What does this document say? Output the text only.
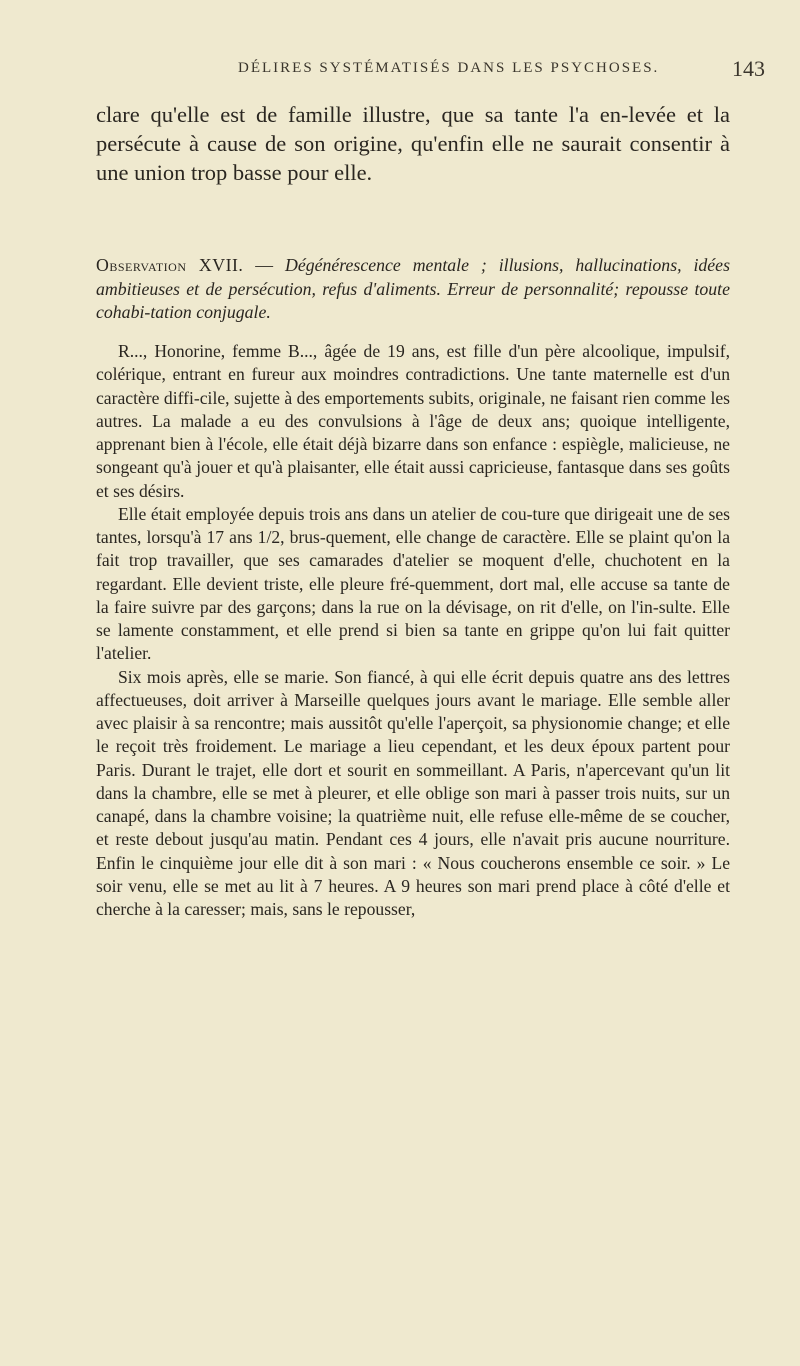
DÉLIRES SYSTÉMATISÉS DANS LES PSYCHOSES.	143

clare qu'elle est de famille illustre, que sa tante l'a en-levée et la persécute à cause de son origine, qu'enfin elle ne saurait consentir à une union trop basse pour elle.

Observation XVII. — Dégénérescence mentale ; illusions, hallucinations, idées ambitieuses et de persécution, refus d'aliments. Erreur de personnalité; repousse toute cohabi-tation conjugale.

R..., Honorine, femme B..., âgée de 19 ans, est fille d'un père alcoolique, impulsif, colérique, entrant en fureur aux moindres contradictions. Une tante maternelle est d'un caractère diffi-cile, sujette à des emportements subits, originale, ne faisant rien comme les autres. La malade a eu des convulsions à l'âge de deux ans; quoique intelligente, apprenant bien à l'école, elle était déjà bizarre dans son enfance : espiègle, malicieuse, ne songeant qu'à jouer et qu'à plaisanter, elle était aussi capricieuse, fantasque dans ses goûts et ses désirs.

Elle était employée depuis trois ans dans un atelier de cou-ture que dirigeait une de ses tantes, lorsqu'à 17 ans 1/2, brus-quement, elle change de caractère. Elle se plaint qu'on la fait trop travailler, que ses camarades d'atelier se moquent d'elle, chuchotent en la regardant. Elle devient triste, elle pleure fré-quemment, dort mal, elle accuse sa tante de la faire suivre par des garçons; dans la rue on la dévisage, on rit d'elle, on l'in-sulte. Elle se lamente constamment, et elle prend si bien sa tante en grippe qu'on lui fait quitter l'atelier.

Six mois après, elle se marie. Son fiancé, à qui elle écrit depuis quatre ans des lettres affectueuses, doit arriver à Marseille quelques jours avant le mariage. Elle semble aller avec plaisir à sa rencontre; mais aussitôt qu'elle l'aperçoit, sa physionomie change; et elle le reçoit très froidement. Le mariage a lieu cependant, et les deux époux partent pour Paris. Durant le trajet, elle dort et sourit en sommeillant. A Paris, n'apercevant qu'un lit dans la chambre, elle se met à pleurer, et elle oblige son mari à passer trois nuits, sur un canapé, dans la chambre voisine; la quatrième nuit, elle refuse elle-même de se coucher, et reste debout jusqu'au matin. Pendant ces 4 jours, elle n'avait pris aucune nourriture. Enfin le cinquième jour elle dit à son mari : « Nous coucherons ensemble ce soir. » Le soir venu, elle se met au lit à 7 heures. A 9 heures son mari prend place à côté d'elle et cherche à la caresser; mais, sans le repousser,
